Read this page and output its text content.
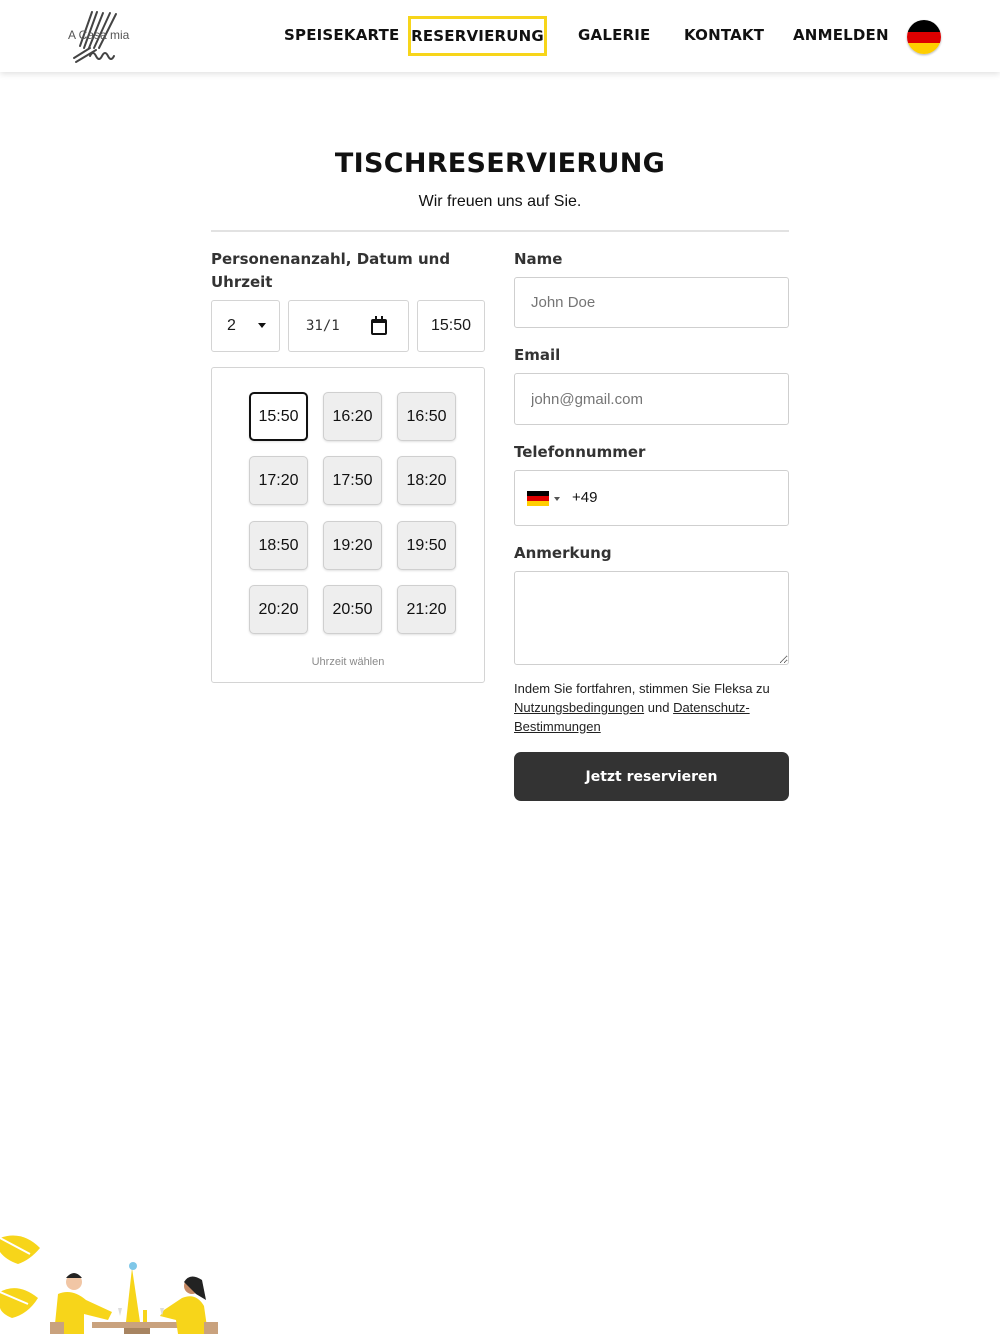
A Casa mia	SPEISEKARTE RESERVIERUNG GALERIE KONTAKT ANMELDEN
TISCHRESERVIERUNG

Wir freuen uns auf Sie.

Personenanzahl, Datum und Uhrzeit
2	31/1	15:50
15:50	16:20	16:50
17:20	17:50	18:20
18:50	19:20	19:50
20:20	20:50	21:20
Uhrzeit wählen
Name
John Doe
Email
john@gmail.com
Telefonnummer
+49
Anmerkung
Indem Sie fortfahren, stimmen Sie Fleksa zu Nutzungsbedingungen und Datenschutz-Bestimmungen
Jetzt reservieren
